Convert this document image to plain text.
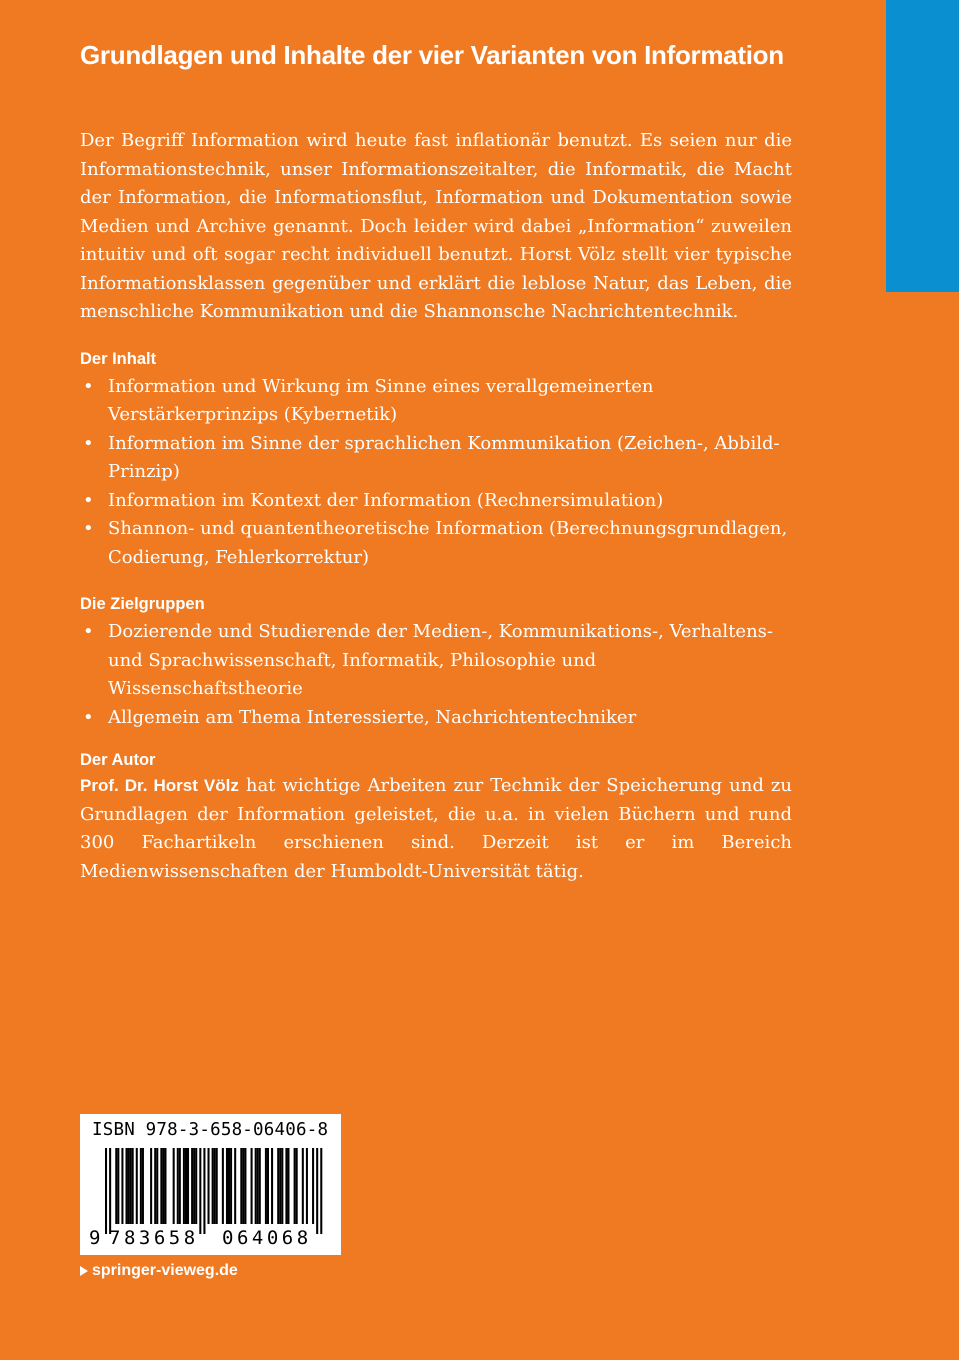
Grundlagen und Inhalte der vier Varianten von Information

Der Begriff Information wird heute fast inflationär benutzt. Es seien nur die Informationstechnik, unser Informationszeitalter, die Informatik, die Macht der Information, die Informationsflut, Information und Dokumentation sowie Medien und Archive genannt. Doch leider wird dabei „Information“ zuweilen intuitiv und oft sogar recht individuell benutzt. Horst Völz stellt vier typische Informationsklassen gegenüber und erklärt die leblose Natur, das Leben, die menschliche Kommunikation und die Shannonsche Nachrichtentechnik.

Der Inhalt
• Information und Wirkung im Sinne eines verallgemeinerten Verstärkerprinzips (Kybernetik)
• Information im Sinne der sprachlichen Kommunikation (Zeichen-, Abbild-Prinzip)
• Information im Kontext der Information (Rechnersimulation)
• Shannon- und quantentheoretische Information (Berechnungsgrundlagen, Codierung, Fehlerkorrektur)
Die Zielgruppen
• Dozierende und Studierende der Medien-, Kommunikations-, Verhaltens- und Sprachwissenschaft, Informatik, Philosophie und Wissenschaftstheorie
• Allgemein am Thema Interessierte, Nachrichtentechniker
Der Autor

Prof. Dr. Horst Völz hat wichtige Arbeiten zur Technik der Speicherung und zu Grundlagen der Information geleistet, die u.a. in vielen Büchern und rund 300 Fachartikeln erschienen sind. Derzeit ist er im Bereich Medienwissenschaften der Humboldt-Universität tätig.

ISBN 978-3-658-06406-8
9 783658 064068
springer-vieweg.de
